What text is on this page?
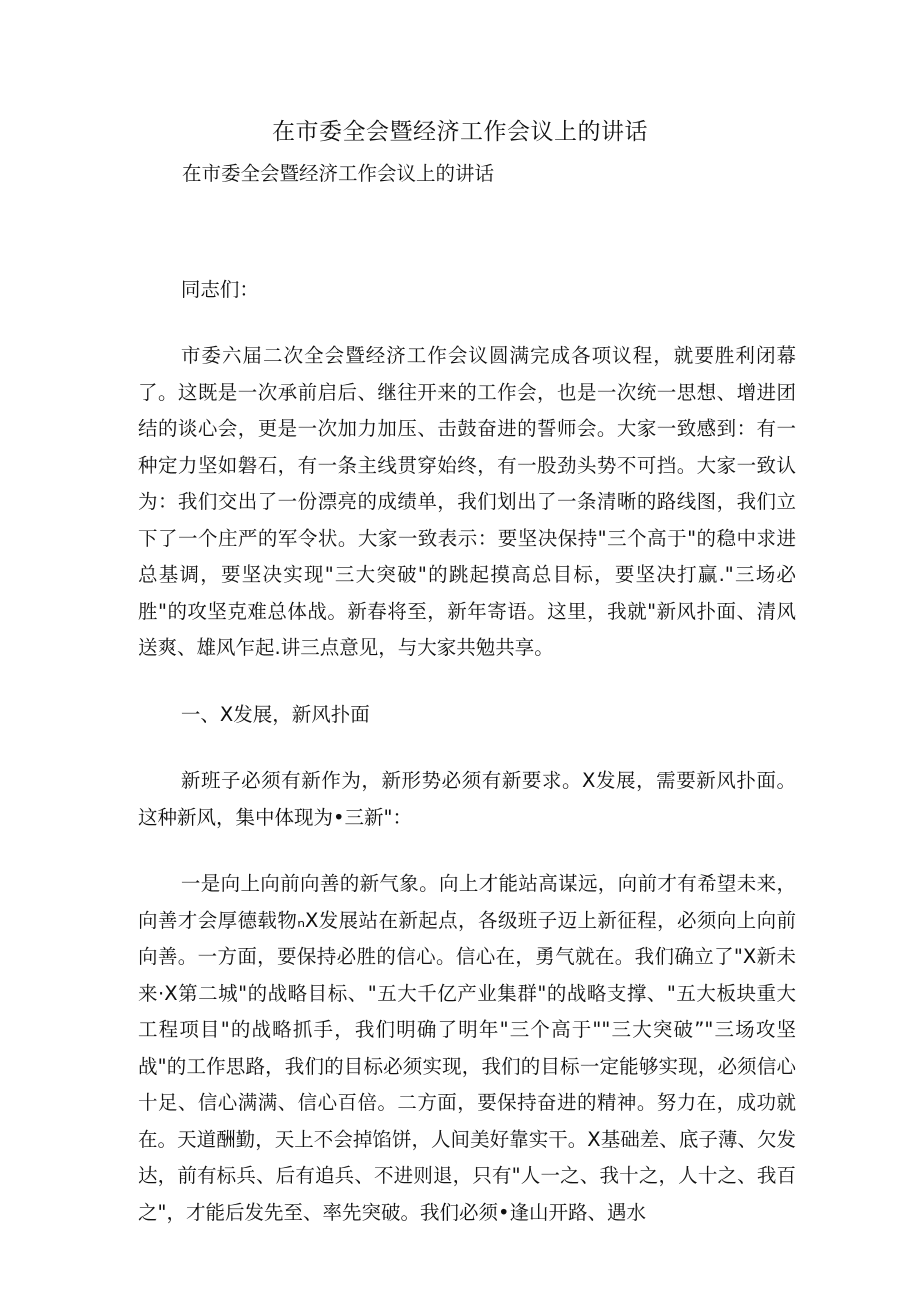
在市委全会暨经济工作会议上的讲话
在市委全会暨经济工作会议上的讲话

同志们：

市委六届二次全会暨经济工作会议圆满完成各项议程，就要胜利闭幕了。这既是一次承前启后、继往开来的工作会，也是一次统一思想、增进团结的谈心会，更是一次加力加压、击鼓奋进的誓师会。大家一致感到：有一种定力坚如磐石，有一条主线贯穿始终，有一股劲头势不可挡。大家一致认为：我们交出了一份漂亮的成绩单，我们划出了一条清晰的路线图，我们立下了一个庄严的军令状。大家一致表示：要坚决保持"三个高于"的稳中求进总基调，要坚决实现"三大突破"的跳起摸高总目标，要坚决打赢."三场必胜"的攻坚克难总体战。新春将至，新年寄语。这里，我就"新风扑面、清风送爽、雄风乍起.讲三点意见，与大家共勉共享。

一、X发展，新风扑面

新班子必须有新作为，新形势必须有新要求。X发展，需要新风扑面。这种新风，集中体现为•三新"：

一是向上向前向善的新气象。向上才能站高谋远，向前才有希望未来，向善才会厚德载物ₙX发展站在新起点，各级班子迈上新征程，必须向上向前向善。一方面，要保持必胜的信心。信心在，勇气就在。我们确立了"X新未来·X第二城"的战略目标、"五大千亿产业集群"的战略支撑、"五大板块重大工程项目"的战略抓手，我们明确了明年"三个高于""三大突破”"三场攻坚战"的工作思路，我们的目标必须实现，我们的目标一定能够实现，必须信心十足、信心满满、信心百倍。二方面，要保持奋进的精神。努力在，成功就在。天道酬勤，天上不会掉馅饼，人间美好靠实干。X基础差、底子薄、欠发达，前有标兵、后有追兵、不进则退，只有"人一之、我十之，人十之、我百之"，才能后发先至、率先突破。我们必须•逢山开路、遇水
